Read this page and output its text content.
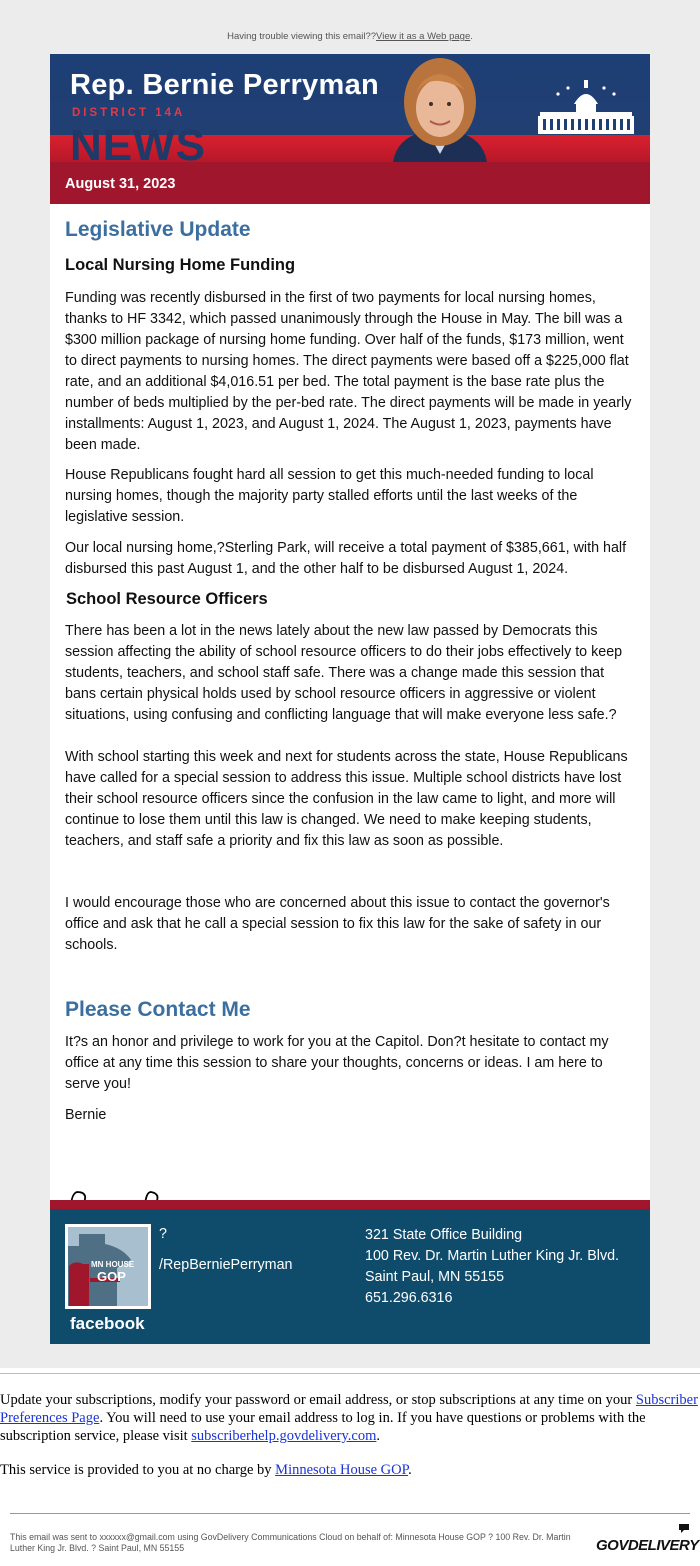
Having trouble viewing this email??View it as a Web page.
Rep. Bernie Perryman
DISTRICT 14A
NEWS
August 31, 2023
Legislative Update
Local Nursing Home Funding

Funding was recently disbursed in the first of two payments for local nursing homes, thanks to HF 3342, which passed unanimously through the House in May. The bill was a $300 million package of nursing home funding. Over half of the funds, $173 million, went to direct payments to nursing homes. The direct payments were based off a $225,000 flat rate, and an additional $4,016.51 per bed. The total payment is the base rate plus the number of beds multiplied by the per-bed rate. The direct payments will be made in yearly installments: August 1, 2023, and August 1, 2024. The August 1, 2023, payments have been made.

House Republicans fought hard all session to get this much-needed funding to local nursing homes, though the majority party stalled efforts until the last weeks of the legislative session.

Our local nursing home,?Sterling Park, will receive a total payment of $385,661, with half disbursed this past August 1, and the other half to be disbursed August 1, 2024.

School Resource Officers

There has been a lot in the news lately about the new law passed by Democrats this session affecting the ability of school resource officers to do their jobs effectively to keep students, teachers, and school staff safe. There was a change made this session that bans certain physical holds used by school resource officers in aggressive or violent situations, using confusing and conflicting language that will make everyone less safe.?

With school starting this week and next for students across the state, House Republicans have called for a special session to address this issue. Multiple school districts have lost their school resource officers since the confusion in the law came to light, and more will continue to lose them until this law is changed. We need to make keeping students, teachers, and staff safe a priority and fix this law as soon as possible.

I would encourage those who are concerned about this issue to contact the governor's office and ask that he call a special session to fix this law for the sake of safety in our schools.

Please Contact Me

It?s an honor and privilege to work for you at the Capitol. Don?t hesitate to contact my office at any time this session to share your thoughts, concerns or ideas. I am here to serve you!

Bernie

MN HOUSE
GOP
facebook
?
/RepBerniePerryman
321 State Office Building
100 Rev. Dr. Martin Luther King Jr. Blvd.
Saint Paul, MN 55155
651.296.6316
Update your subscriptions, modify your password or email address, or stop subscriptions at any time on your Subscriber Preferences Page. You will need to use your email address to log in. If you have questions or problems with the subscription service, please visit subscriberhelp.govdelivery.com.
This service is provided to you at no charge by Minnesota House GOP.
This email was sent to xxxxxx@gmail.com using GovDelivery Communications Cloud on behalf of: Minnesota House GOP ? 100 Rev. Dr. Martin Luther King Jr. Blvd. ? Saint Paul, MN 55155	GOVDELIVERY
